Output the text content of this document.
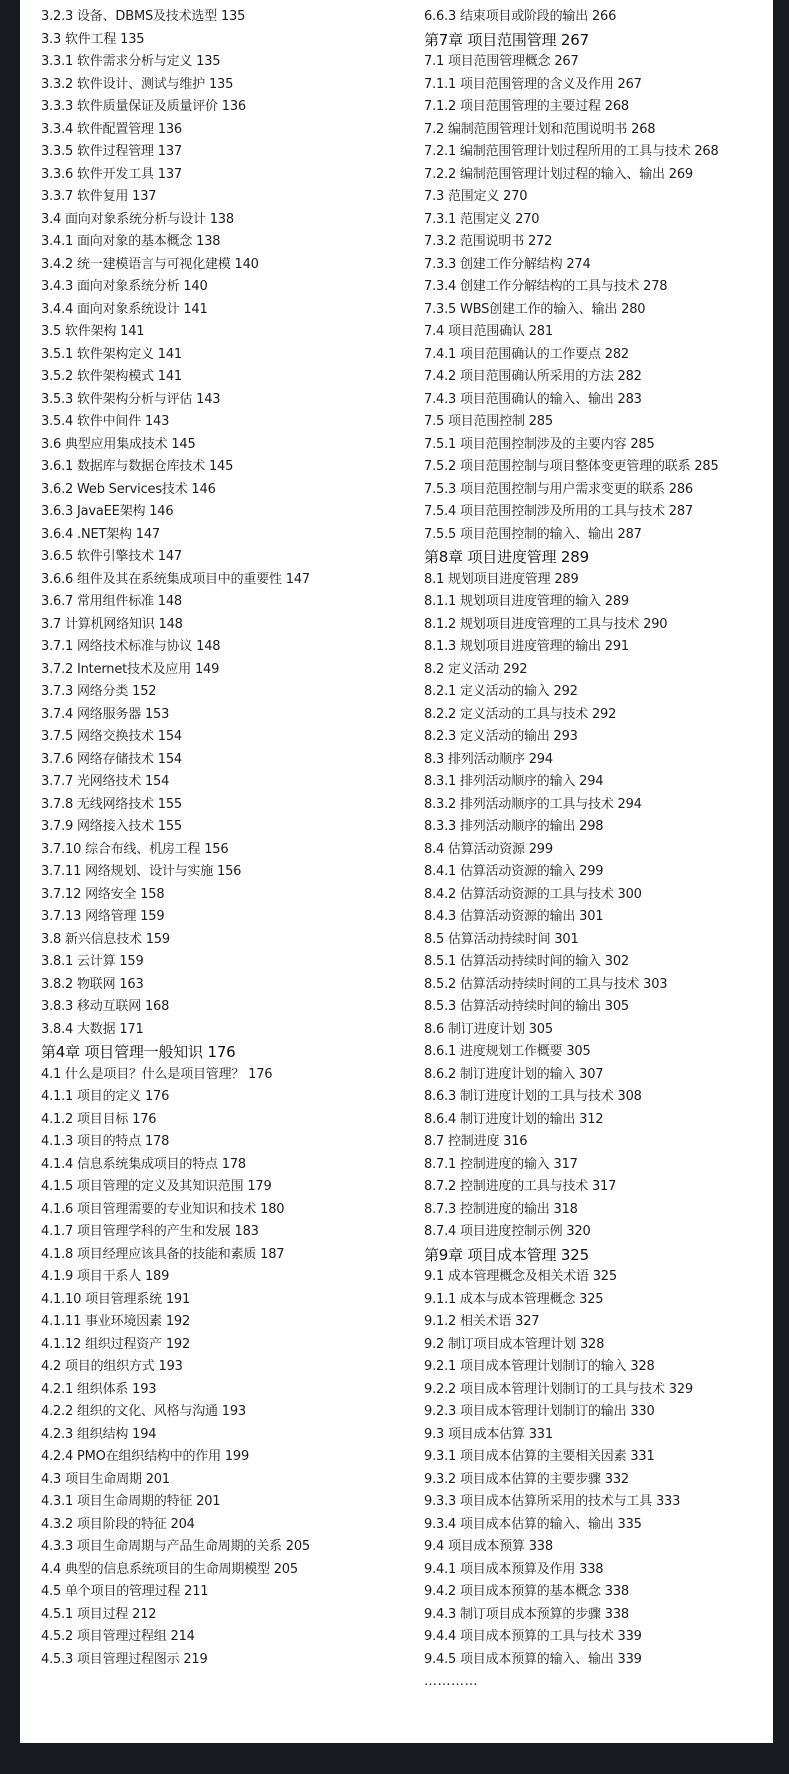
3.2.3 设备、DBMS及技术选型 135
3.3 软件工程 135
3.3.1 软件需求分析与定义 135
3.3.2 软件设计、测试与维护 135
3.3.3 软件质量保证及质量评价 136
3.3.4 软件配置管理 136
3.3.5 软件过程管理 137
3.3.6 软件开发工具 137
3.3.7 软件复用 137
3.4 面向对象系统分析与设计 138
3.4.1 面向对象的基本概念 138
3.4.2 统一建模语言与可视化建模 140
3.4.3 面向对象系统分析 140
3.4.4 面向对象系统设计 141
3.5 软件架构 141
3.5.1 软件架构定义 141
3.5.2 软件架构模式 141
3.5.3 软件架构分析与评估 143
3.5.4 软件中间件 143
3.6 典型应用集成技术 145
3.6.1 数据库与数据仓库技术 145
3.6.2 Web Services技术 146
3.6.3 JavaEE架构 146
3.6.4 .NET架构 147
3.6.5 软件引擎技术 147
3.6.6 组件及其在系统集成项目中的重要性 147
3.6.7 常用组件标准 148
3.7 计算机网络知识 148
3.7.1 网络技术标准与协议 148
3.7.2 Internet技术及应用 149
3.7.3 网络分类 152
3.7.4 网络服务器 153
3.7.5 网络交换技术 154
3.7.6 网络存储技术 154
3.7.7 光网络技术 154
3.7.8 无线网络技术 155
3.7.9 网络接入技术 155
3.7.10 综合布线、机房工程 156
3.7.11 网络规划、设计与实施 156
3.7.12 网络安全 158
3.7.13 网络管理 159
3.8 新兴信息技术 159
3.8.1 云计算 159
3.8.2 物联网 163
3.8.3 移动互联网 168
3.8.4 大数据 171
第4章 项目管理一般知识 176
4.1 什么是项目？什么是项目管理？ 176
4.1.1 项目的定义 176
4.1.2 项目目标 176
4.1.3 项目的特点 178
4.1.4 信息系统集成项目的特点 178
4.1.5 项目管理的定义及其知识范围 179
4.1.6 项目管理需要的专业知识和技术 180
4.1.7 项目管理学科的产生和发展 183
4.1.8 项目经理应该具备的技能和素质 187
4.1.9 项目干系人 189
4.1.10 项目管理系统 191
4.1.11 事业环境因素 192
4.1.12 组织过程资产 192
4.2 项目的组织方式 193
4.2.1 组织体系 193
4.2.2 组织的文化、风格与沟通 193
4.2.3 组织结构 194
4.2.4 PMO在组织结构中的作用 199
4.3 项目生命周期 201
4.3.1 项目生命周期的特征 201
4.3.2 项目阶段的特征 204
4.3.3 项目生命周期与产品生命周期的关系 205
4.4 典型的信息系统项目的生命周期模型 205
4.5 单个项目的管理过程 211
4.5.1 项目过程 212
4.5.2 项目管理过程组 214
4.5.3 项目管理过程图示 219
6.6.3 结束项目或阶段的输出 266
第7章 项目范围管理 267
7.1 项目范围管理概念 267
7.1.1 项目范围管理的含义及作用 267
7.1.2 项目范围管理的主要过程 268
7.2 编制范围管理计划和范围说明书 268
7.2.1 编制范围管理计划过程所用的工具与技术 268
7.2.2 编制范围管理计划过程的输入、输出 269
7.3 范围定义 270
7.3.1 范围定义 270
7.3.2 范围说明书 272
7.3.3 创建工作分解结构 274
7.3.4 创建工作分解结构的工具与技术 278
7.3.5 WBS创建工作的输入、输出 280
7.4 项目范围确认 281
7.4.1 项目范围确认的工作要点 282
7.4.2 项目范围确认所采用的方法 282
7.4.3 项目范围确认的输入、输出 283
7.5 项目范围控制 285
7.5.1 项目范围控制涉及的主要内容 285
7.5.2 项目范围控制与项目整体变更管理的联系 285
7.5.3 项目范围控制与用户需求变更的联系 286
7.5.4 项目范围控制涉及所用的工具与技术 287
7.5.5 项目范围控制的输入、输出 287
第8章 项目进度管理 289
8.1 规划项目进度管理 289
8.1.1 规划项目进度管理的输入 289
8.1.2 规划项目进度管理的工具与技术 290
8.1.3 规划项目进度管理的输出 291
8.2 定义活动 292
8.2.1 定义活动的输入 292
8.2.2 定义活动的工具与技术 292
8.2.3 定义活动的输出 293
8.3 排列活动顺序 294
8.3.1 排列活动顺序的输入 294
8.3.2 排列活动顺序的工具与技术 294
8.3.3 排列活动顺序的输出 298
8.4 估算活动资源 299
8.4.1 估算活动资源的输入 299
8.4.2 估算活动资源的工具与技术 300
8.4.3 估算活动资源的输出 301
8.5 估算活动持续时间 301
8.5.1 估算活动持续时间的输入 302
8.5.2 估算活动持续时间的工具与技术 303
8.5.3 估算活动持续时间的输出 305
8.6 制订进度计划 305
8.6.1 进度规划工作概要 305
8.6.2 制订进度计划的输入 307
8.6.3 制订进度计划的工具与技术 308
8.6.4 制订进度计划的输出 312
8.7 控制进度 316
8.7.1 控制进度的输入 317
8.7.2 控制进度的工具与技术 317
8.7.3 控制进度的输出 318
8.7.4 项目进度控制示例 320
第9章 项目成本管理 325
9.1 成本管理概念及相关术语 325
9.1.1 成本与成本管理概念 325
9.1.2 相关术语 327
9.2 制订项目成本管理计划 328
9.2.1 项目成本管理计划制订的输入 328
9.2.2 项目成本管理计划制订的工具与技术 329
9.2.3 项目成本管理计划制订的输出 330
9.3 项目成本估算 331
9.3.1 项目成本估算的主要相关因素 331
9.3.2 项目成本估算的主要步骤 332
9.3.3 项目成本估算所采用的技术与工具 333
9.3.4 项目成本估算的输入、输出 335
9.4 项目成本预算 338
9.4.1 项目成本预算及作用 338
9.4.2 项目成本预算的基本概念 338
9.4.3 制订项目成本预算的步骤 338
9.4.4 项目成本预算的工具与技术 339
9.4.5 项目成本预算的输入、输出 339
…………
